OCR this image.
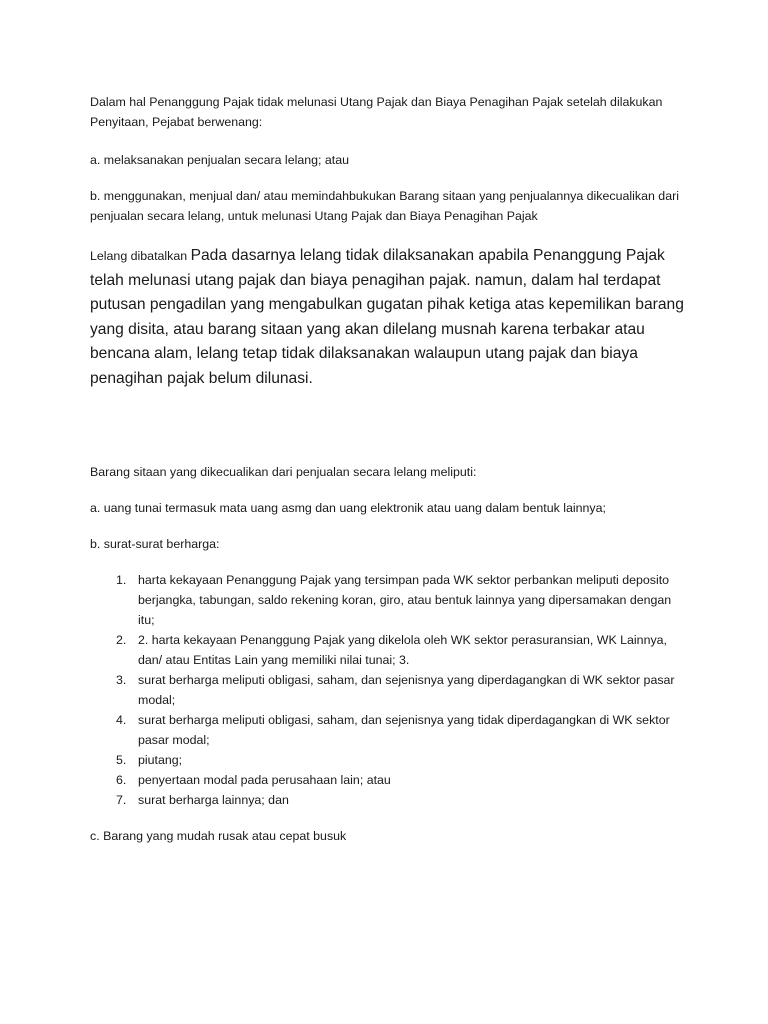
Dalam hal Penanggung Pajak tidak melunasi Utang Pajak dan Biaya Penagihan Pajak setelah dilakukan Penyitaan, Pejabat berwenang:

a. melaksanakan penjualan secara lelang; atau

b. menggunakan, menjual dan/ atau memindahbukukan Barang sitaan yang penjualannya dikecualikan dari penjualan secara lelang, untuk melunasi Utang Pajak dan Biaya Penagihan Pajak

Lelang dibatalkan Pada dasarnya lelang tidak dilaksanakan apabila Penanggung Pajak telah melunasi utang pajak dan biaya penagihan pajak. namun, dalam hal terdapat putusan pengadilan yang mengabulkan gugatan pihak ketiga atas kepemilikan barang yang disita, atau barang sitaan yang akan dilelang musnah karena terbakar atau bencana alam, lelang tetap tidak dilaksanakan walaupun utang pajak dan biaya penagihan pajak belum dilunasi.

Barang sitaan yang dikecualikan dari penjualan secara lelang meliputi:

a. uang tunai termasuk mata uang asmg dan uang elektronik atau uang dalam bentuk lainnya;

b. surat-surat berharga:

1. harta kekayaan Penanggung Pajak yang tersimpan pada WK sektor perbankan meliputi deposito berjangka, tabungan, saldo rekening koran, giro, atau bentuk lainnya yang dipersamakan dengan itu;
2. 2. harta kekayaan Penanggung Pajak yang dikelola oleh WK sektor perasuransian, WK Lainnya, dan/ atau Entitas Lain yang memiliki nilai tunai; 3.
3. surat berharga meliputi obligasi, saham, dan sejenisnya yang diperdagangkan di WK sektor pasar modal;
4. surat berharga meliputi obligasi, saham, dan sejenisnya yang tidak diperdagangkan di WK sektor pasar modal;
5. piutang;
6. penyertaan modal pada perusahaan lain; atau
7. surat berharga lainnya; dan

c. Barang yang mudah rusak atau cepat busuk
